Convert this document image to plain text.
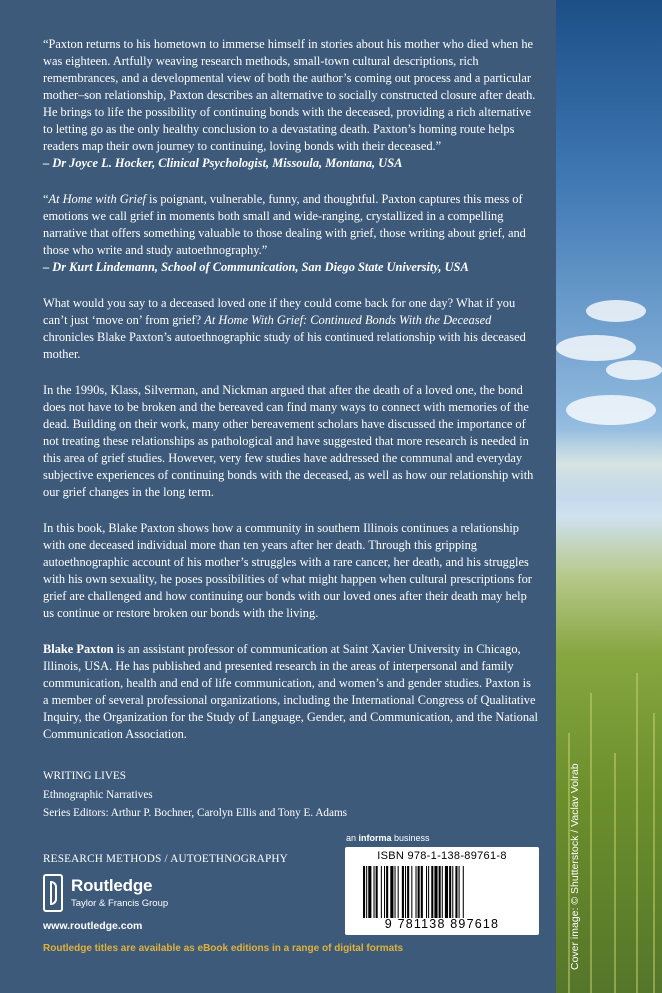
Cover image: © Shutterstock / Vaclav Volrab

“Paxton returns to his hometown to immerse himself in stories about his mother who died when he was eighteen. Artfully weaving research methods, small-town cultural descriptions, rich remembrances, and a developmental view of both the author’s coming out process and a particular mother–son relationship, Paxton describes an alternative to socially constructed closure after death. He brings to life the possibility of continuing bonds with the deceased, providing a rich alternative to letting go as the only healthy conclusion to a devastating death. Paxton’s homing route helps readers map their own journey to continuing, loving bonds with their deceased.”

– Dr Joyce L. Hocker, Clinical Psychologist, Missoula, Montana, USA

“At Home with Grief is poignant, vulnerable, funny, and thoughtful. Paxton captures this mess of emotions we call grief in moments both small and wide-ranging, crystallized in a compelling narrative that offers something valuable to those dealing with grief, those writing about grief, and those who write and study autoethnography.”

– Dr Kurt Lindemann, School of Communication, San Diego State University, USA

What would you say to a deceased loved one if they could come back for one day? What if you can’t just ‘move on’ from grief? At Home With Grief: Continued Bonds With the Deceased chronicles Blake Paxton’s autoethnographic study of his continued relationship with his deceased mother.

In the 1990s, Klass, Silverman, and Nickman argued that after the death of a loved one, the bond does not have to be broken and the bereaved can find many ways to connect with memories of the dead. Building on their work, many other bereavement scholars have discussed the importance of not treating these relationships as pathological and have suggested that more research is needed in this area of grief studies. However, very few studies have addressed the communal and everyday subjective experiences of continuing bonds with the deceased, as well as how our relationship with our grief changes in the long term.

In this book, Blake Paxton shows how a community in southern Illinois continues a relationship with one deceased individual more than ten years after her death. Through this gripping autoethnographic account of his mother’s struggles with a rare cancer, her death, and his struggles with his own sexuality, he poses possibilities of what might happen when cultural prescriptions for grief are challenged and how continuing our bonds with our loved ones after their death may help us continue or restore broken our bonds with the living.

Blake Paxton is an assistant professor of communication at Saint Xavier University in Chicago, Illinois, USA. He has published and presented research in the areas of interpersonal and family communication, health and end of life communication, and women’s and gender studies. Paxton is a member of several professional organizations, including the International Congress of Qualitative Inquiry, the Organization for the Study of Language, Gender, and Communication, and the National Communication Association.

WRITING LIVES
Ethnographic Narratives
Series Editors: Arthur P. Bochner, Carolyn Ellis and Tony E. Adams
RESEARCH METHODS / AUTOETHNOGRAPHY
Routledge
Taylor & Francis Group
www.routledge.com
Routledge titles are available as eBook editions in a range of digital formats
an informa business
ISBN 978-1-138-89761-8
9 781138 897618
